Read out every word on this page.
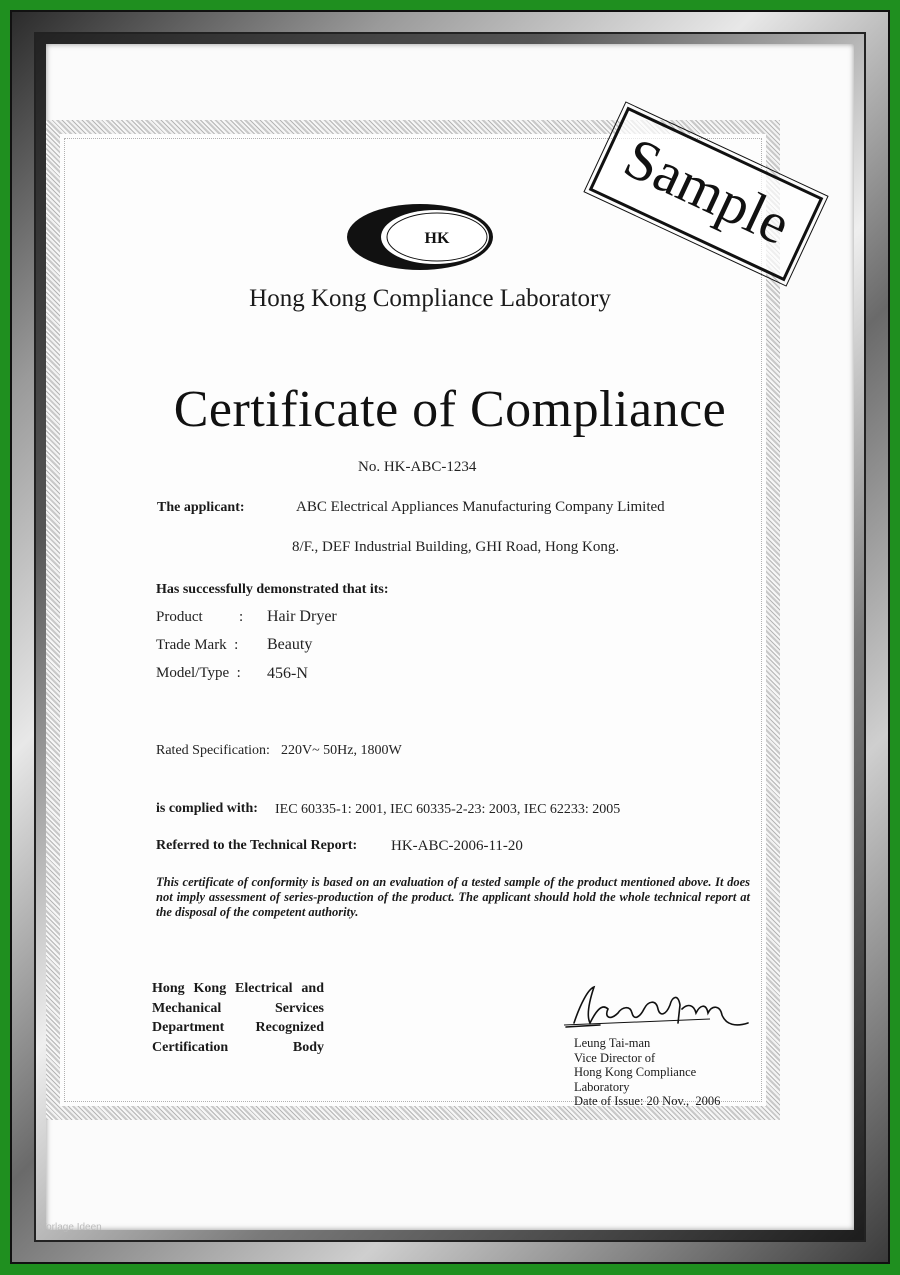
HK
Hong Kong Compliance Laboratory
Certificate of Compliance
No. HK-ABC-1234
The applicant:	ABC Electrical Appliances Manufacturing Company Limited
8/F., DEF Industrial Building, GHI Road, Hong Kong.
Has successfully demonstrated that its:
Product : Hair Dryer
Trade Mark  : Beauty
Model/Type  : 456-N
Rated Specification: 220V~ 50Hz, 1800W
is complied with: IEC 60335-1: 2001, IEC 60335-2-23: 2003, IEC 62233: 2005
Referred to the Technical Report: HK-ABC-2006-11-20
This certificate of conformity is based on an evaluation of a tested sample of the product mentioned above. It does not imply assessment of series-production of the product. The applicant should hold the whole technical report at the disposal of the competent authority.
Hong Kong Electrical and Mechanical Services Department Recognized Certification Body	Leung Tai-man
Vice Director of
Hong Kong Compliance
Laboratory
Date of Issue: 20 Nov.,  2006
Sample
Vorlage Ideen
